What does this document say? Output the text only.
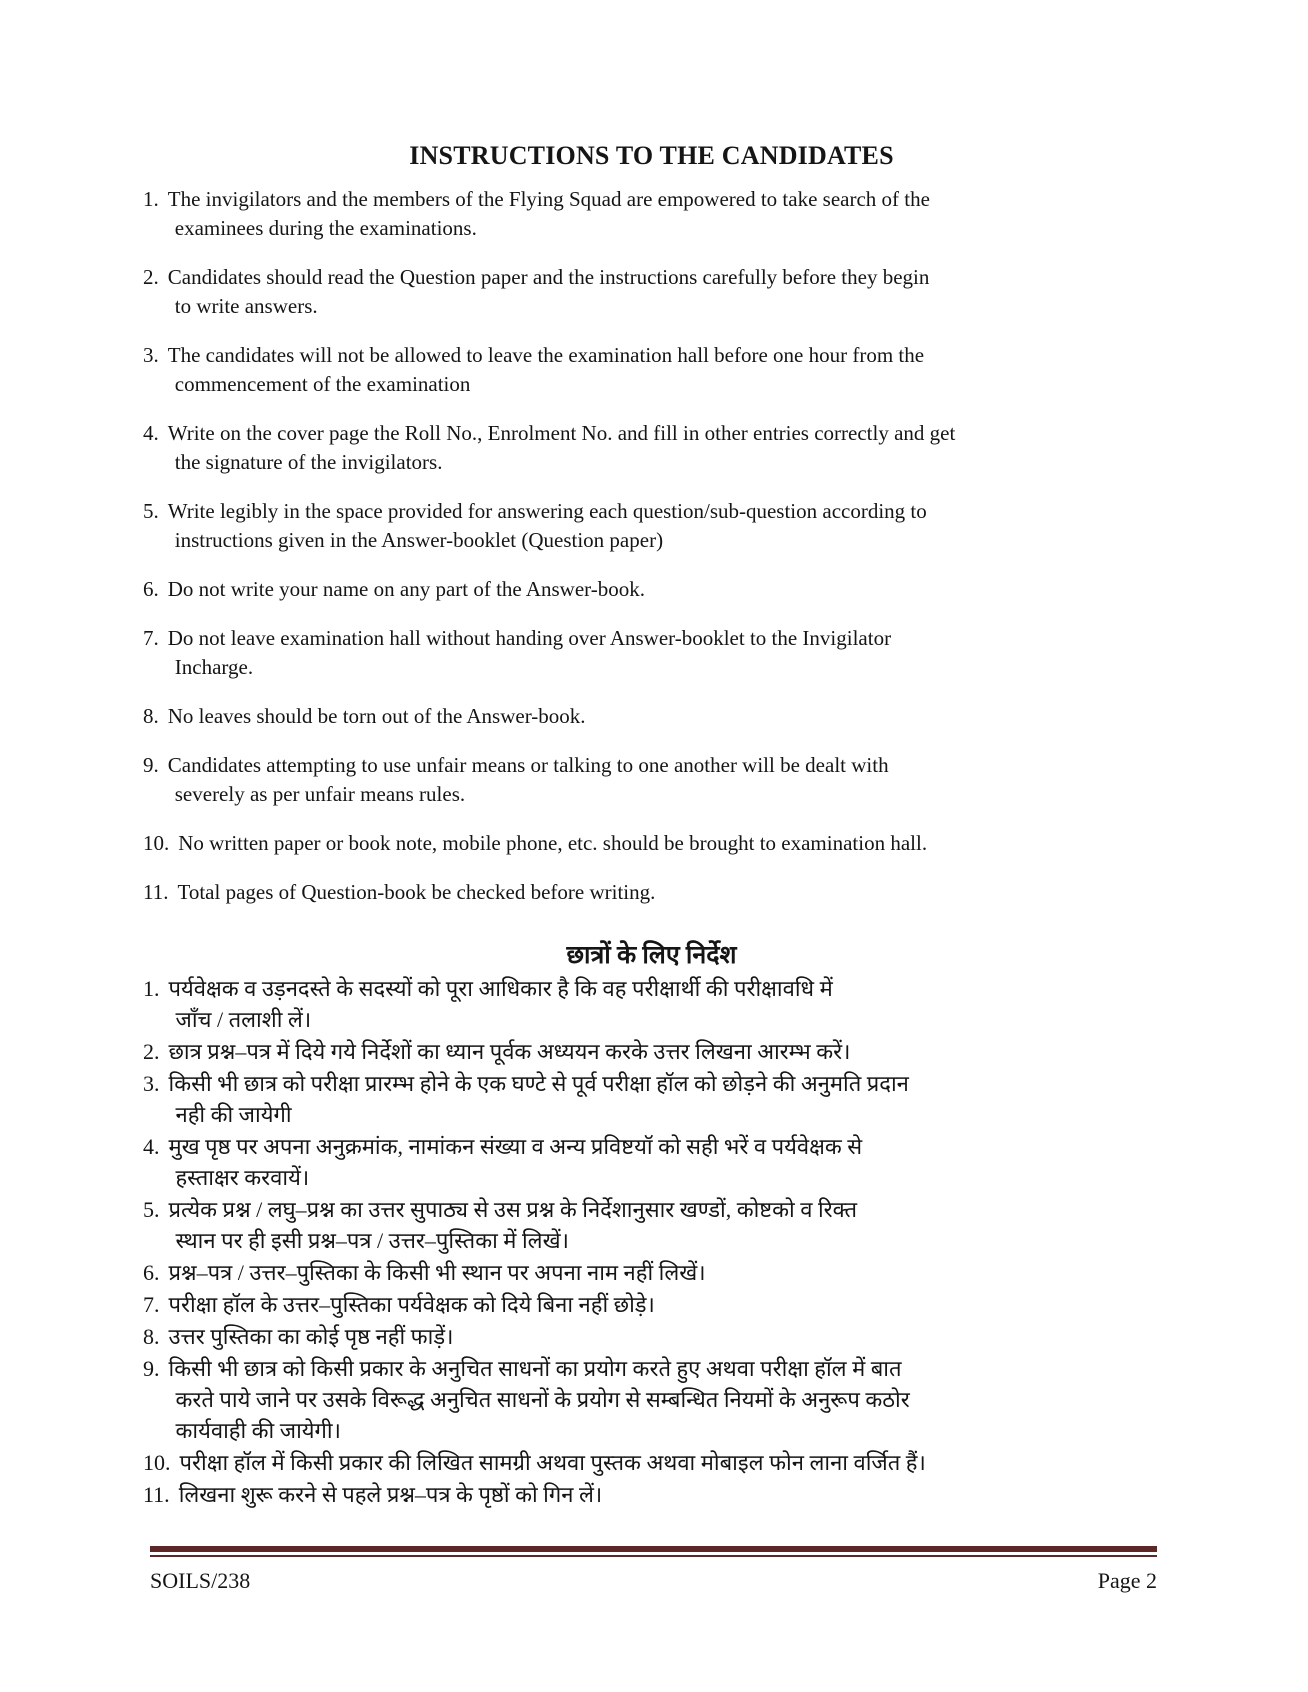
INSTRUCTIONS TO THE CANDIDATES
1. The invigilators and the members of the Flying Squad are empowered to take search of the
examinees during the examinations.
2. Candidates should read the Question paper and the instructions carefully before they begin
to write answers.
3. The candidates will not be allowed to leave the examination hall before one hour from the
commencement of the examination
4. Write on the cover page the Roll No., Enrolment No. and fill in other entries correctly and get
the signature of the invigilators.
5. Write legibly in the space provided for answering each question/sub-question according to
instructions given in the Answer-booklet (Question paper)
6. Do not write your name on any part of the Answer-book.
7. Do not leave examination hall without handing over Answer-booklet to the Invigilator
Incharge.
8. No leaves should be torn out of the Answer-book.
9. Candidates attempting to use unfair means or talking to one another will be dealt with
severely as per unfair means rules.
10. No written paper or book note, mobile phone, etc. should be brought to examination hall.
11. Total pages of Question-book be checked before writing.
छात्रों के लिए निर्देश
1. पर्यवेक्षक व उड़नदस्ते के सदस्यों को पूरा आधिकार है कि वह परीक्षार्थी की परीक्षावधि में
जाँच / तलाशी लें।
2. छात्र प्रश्न–पत्र में दिये गये निर्देशों का ध्यान पूर्वक अध्ययन करके उत्तर लिखना आरम्भ करें।
3. किसी भी छात्र को परीक्षा प्रारम्भ होने के एक घण्टे से पूर्व परीक्षा हॉल को छोड़ने की अनुमति प्रदान
नही की जायेगी
4. मुख पृष्ठ पर अपना अनुक्रमांक, नामांकन संख्या व अन्य प्रविष्टयॉ को सही भरें व पर्यवेक्षक से
हस्ताक्षर करवायें।
5. प्रत्येक प्रश्न / लघु–प्रश्न का उत्तर सुपाठ्य से उस प्रश्न के निर्देशानुसार खण्डों, कोष्टको व रिक्त
स्थान पर ही इसी प्रश्न–पत्र / उत्तर–पुस्तिका में लिखें।
6. प्रश्न–पत्र / उत्तर–पुस्तिका के किसी भी स्थान पर अपना नाम नहीं लिखें।
7. परीक्षा हॉल के उत्तर–पुस्तिका पर्यवेक्षक को दिये बिना नहीं छोड़े।
8. उत्तर पुस्तिका का कोई पृष्ठ नहीं फाड़ें।
9. किसी भी छात्र को किसी प्रकार के अनुचित साधनों का प्रयोग करते हुए अथवा परीक्षा हॉल में बात
करते पाये जाने पर उसके विरूद्ध अनुचित साधनों के प्रयोग से सम्बन्धित नियमों के अनुरूप कठोर
कार्यवाही की जायेगी।
10. परीक्षा हॉल में किसी प्रकार की लिखित सामग्री अथवा पुस्तक अथवा मोबाइल फोन लाना वर्जित हैं।
11. लिखना शुरू करने से पहले प्रश्न–पत्र के पृष्ठों को गिन लें।
SOILS/238	Page 2
